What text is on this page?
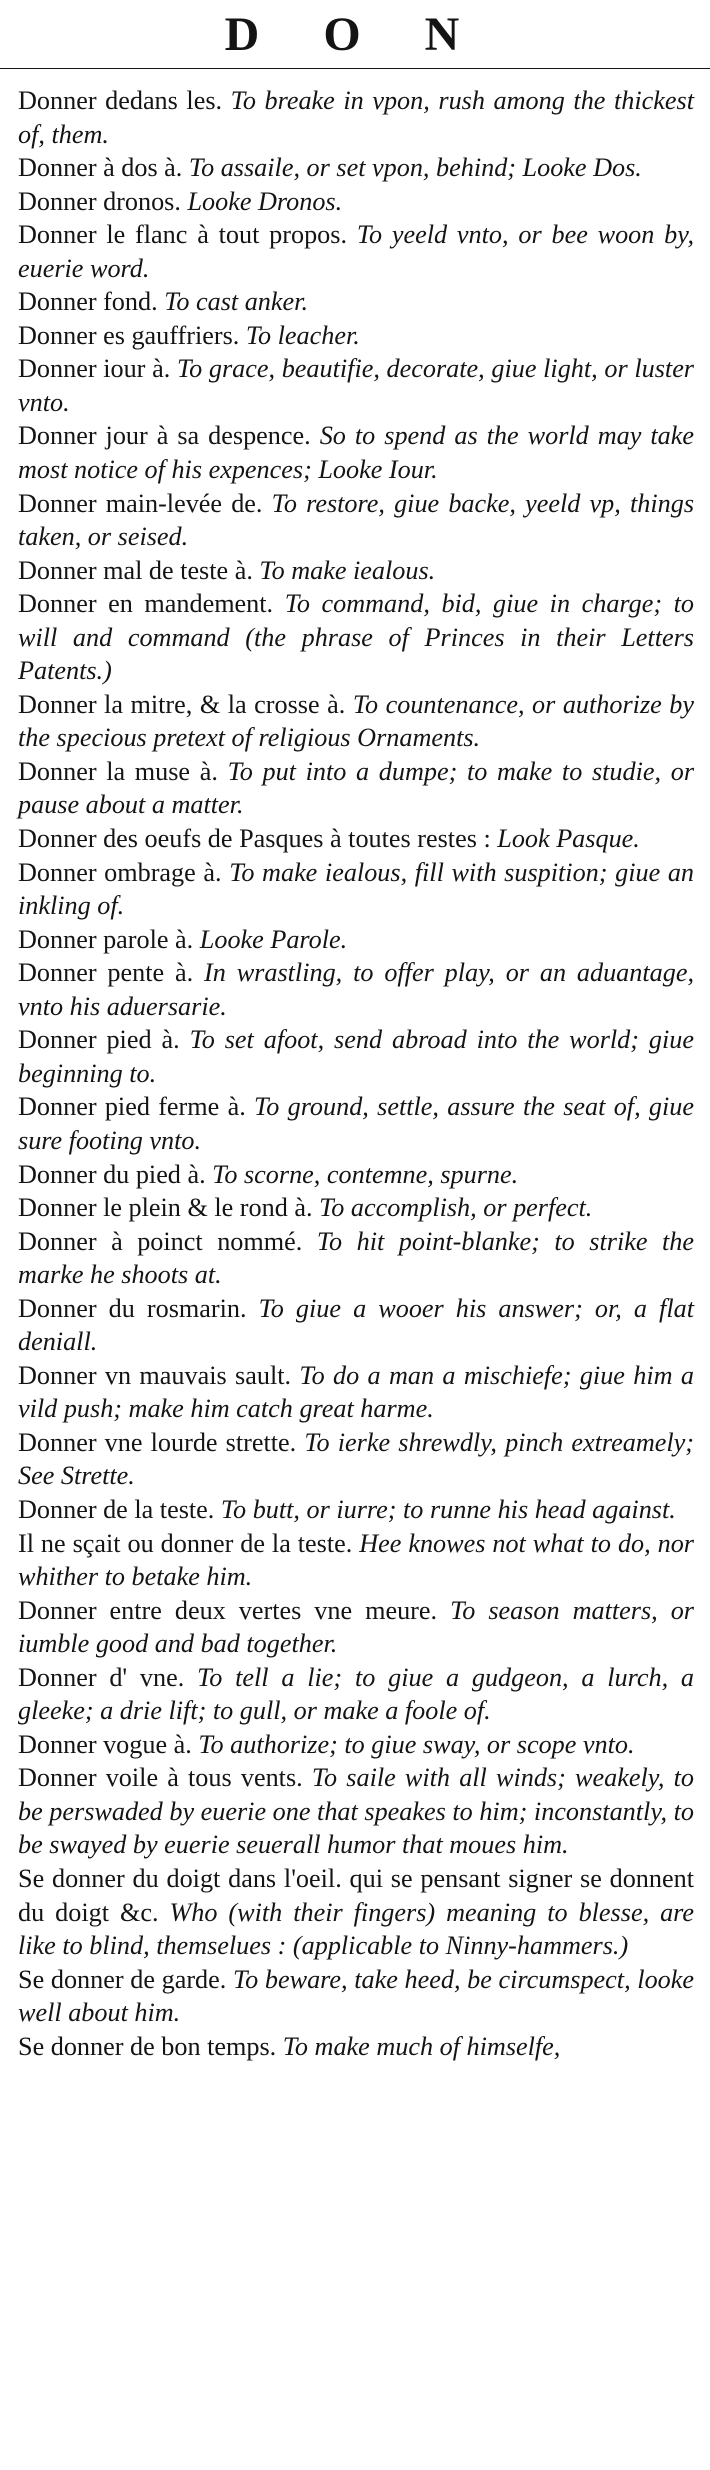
D O N

Donner dedans les. To breake in vpon, rush among the thickest of, them.

Donner à dos à. To assaile, or set vpon, behind; Looke Dos.

Donner dronos. Looke Dronos.

Donner le flanc à tout propos. To yeeld vnto, or bee woon by, euerie word.

Donner fond. To cast anker.

Donner es gauffriers. To leacher.

Donner iour à. To grace, beautifie, decorate, giue light, or luster vnto.

Donner jour à sa despence. So to spend as the world may take most notice of his expences; Looke Iour.

Donner main-levée de. To restore, giue backe, yeeld vp, things taken, or seised.

Donner mal de teste à. To make iealous.

Donner en mandement. To command, bid, giue in charge; to will and command (the phrase of Princes in their Letters Patents.)

Donner la mitre, & la crosse à. To countenance, or authorize by the specious pretext of religious Ornaments.

Donner la muse à. To put into a dumpe; to make to studie, or pause about a matter.

Donner des oeufs de Pasques à toutes restes : Look Pasque.

Donner ombrage à. To make iealous, fill with suspition; giue an inkling of.

Donner parole à. Looke Parole.

Donner pente à. In wrastling, to offer play, or an aduantage, vnto his aduersarie.

Donner pied à. To set afoot, send abroad into the world; giue beginning to.

Donner pied ferme à. To ground, settle, assure the seat of, giue sure footing vnto.

Donner du pied à. To scorne, contemne, spurne.

Donner le plein & le rond à. To accomplish, or perfect.

Donner à poinct nommé. To hit point-blanke; to strike the marke he shoots at.

Donner du rosmarin. To giue a wooer his answer; or, a flat deniall.

Donner vn mauvais sault. To do a man a mischiefe; giue him a vild push; make him catch great harme.

Donner vne lourde strette. To ierke shrewdly, pinch extreamely; See Strette.

Donner de la teste. To butt, or iurre; to runne his head against.

Il ne sçait ou donner de la teste. Hee knowes not what to do, nor whither to betake him.

Donner entre deux vertes vne meure. To season matters, or iumble good and bad together.

Donner d' vne. To tell a lie; to giue a gudgeon, a lurch, a gleeke; a drie lift; to gull, or make a foole of.

Donner vogue à. To authorize; to giue sway, or scope vnto.

Donner voile à tous vents. To saile with all winds; weakely, to be perswaded by euerie one that speakes to him; inconstantly, to be swayed by euerie seuerall humor that moues him.

Se donner du doigt dans l'oeil. qui se pensant signer se donnent du doigt &c. Who (with their fingers) meaning to blesse, are like to blind, themselues : (applicable to Ninny-hammers.)

Se donner de garde. To beware, take heed, be circumspect, looke well about him.

Se donner de bon temps. To make much of himselfe,
